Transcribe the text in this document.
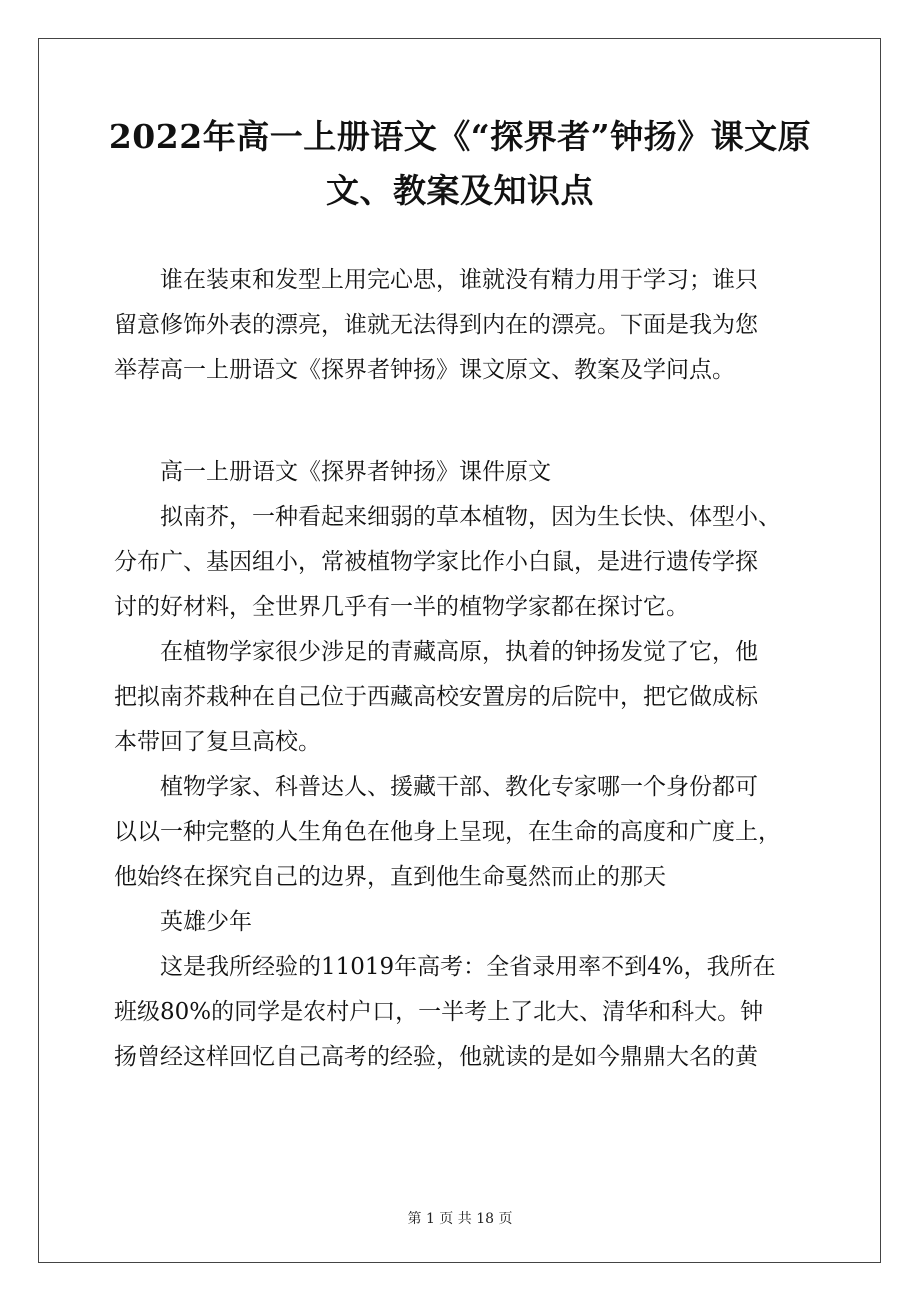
2022年高一上册语文《“探界者”钟扬》课文原
文、教案及知识点
谁在装束和发型上用完心思，谁就没有精力用于学习；谁只
留意修饰外表的漂亮，谁就无法得到内在的漂亮。下面是我为您
举荐高一上册语文《探界者钟扬》课文原文、教案及学问点。
高一上册语文《探界者钟扬》课件原文
拟南芥，一种看起来细弱的草本植物，因为生长快、体型小、
分布广、基因组小，常被植物学家比作小白鼠，是进行遗传学探
讨的好材料，全世界几乎有一半的植物学家都在探讨它。
在植物学家很少涉足的青藏高原，执着的钟扬发觉了它，他
把拟南芥栽种在自己位于西藏高校安置房的后院中，把它做成标
本带回了复旦高校。
植物学家、科普达人、援藏干部、教化专家哪一个身份都可
以以一种完整的人生角色在他身上呈现，在生命的高度和广度上，
他始终在探究自己的边界，直到他生命戛然而止的那天
英雄少年
这是我所经验的11019年高考：全省录用率不到4%，我所在
班级80%的同学是农村户口，一半考上了北大、清华和科大。钟
扬曾经这样回忆自己高考的经验，他就读的是如今鼎鼎大名的黄
第 1 页 共 18 页
